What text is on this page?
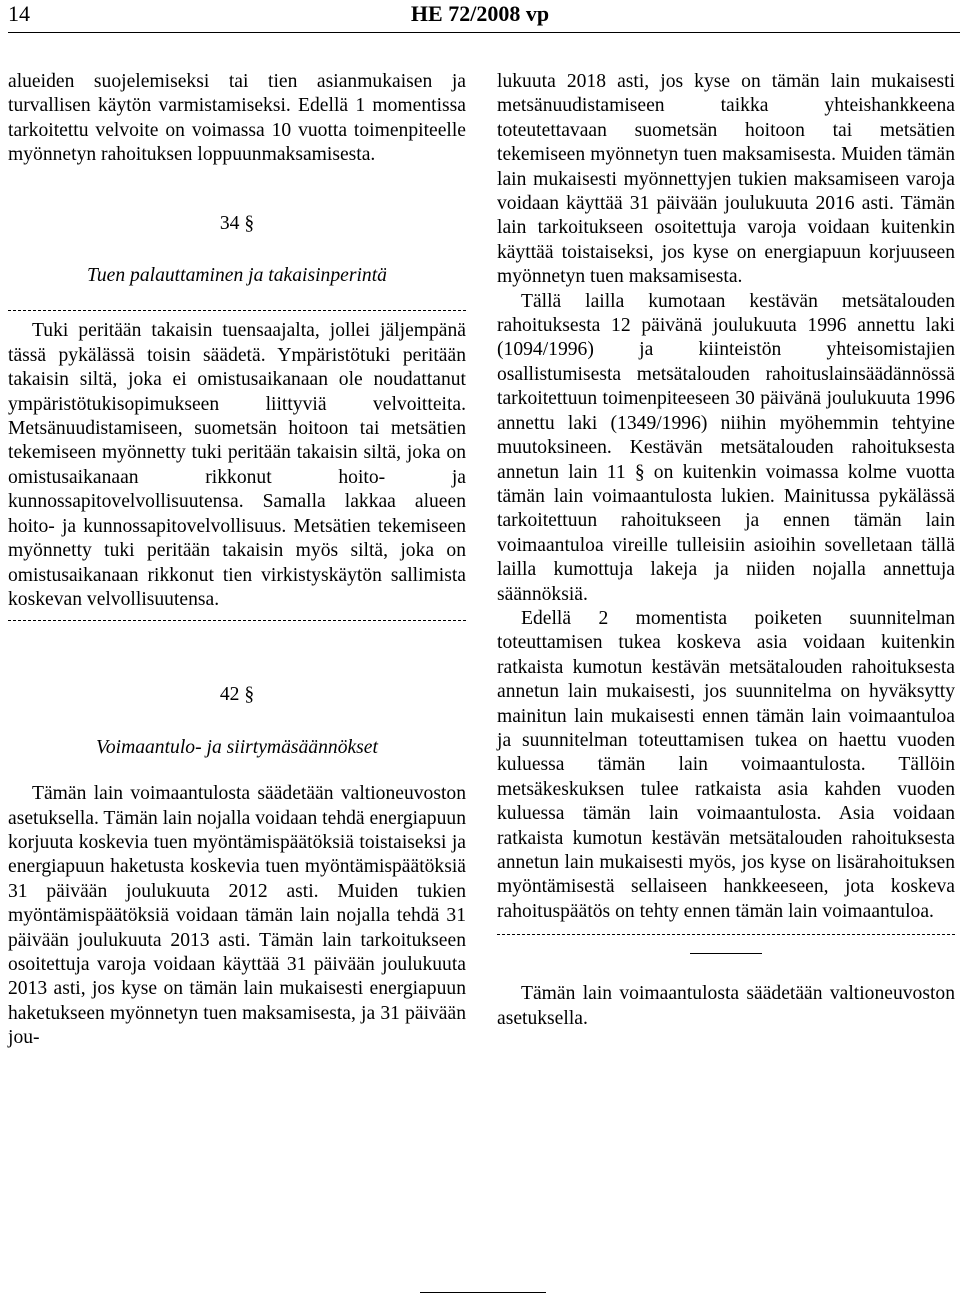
14	HE 72/2008 vp

alueiden suojelemiseksi tai tien asianmukaisen ja turvallisen käytön varmistamiseksi. Edellä 1 momentissa tarkoitettu velvoite on voimassa 10 vuotta toimenpiteelle myönnetyn rahoituksen loppuunmaksamisesta.

34 §
Tuen palauttaminen ja takaisinperintä

Tuki peritään takaisin tuensaajalta, jollei jäljempänä tässä pykälässä toisin säädetä. Ympäristötuki peritään takaisin siltä, joka ei omistusaikanaan ole noudattanut ympäristötukisopimukseen liittyviä velvoitteita. Metsänuudistamiseen, suometsän hoitoon tai metsätien tekemiseen myönnetty tuki peritään takaisin siltä, joka on omistusaikanaan rikkonut hoito- ja kunnossapitovelvollisuutensa. Samalla lakkaa alueen hoito- ja kunnossapitovelvollisuus. Metsätien tekemiseen myönnetty tuki peritään takaisin myös siltä, joka on omistusaikanaan rikkonut tien virkistyskäytön sallimista koskevan velvollisuutensa.

42 §
Voimaantulo- ja siirtymäsäännökset

Tämän lain voimaantulosta säädetään valtioneuvoston asetuksella. Tämän lain nojalla voidaan tehdä energiapuun korjuuta koskevia tuen myöntämispäätöksiä toistaiseksi ja energiapuun haketusta koskevia tuen myöntämispäätöksiä 31 päivään joulukuuta 2012 asti. Muiden tukien myöntämispäätöksiä voidaan tämän lain nojalla tehdä 31 päivään joulukuuta 2013 asti. Tämän lain tarkoitukseen osoitettuja varoja voidaan käyttää 31 päivään joulukuuta 2013 asti, jos kyse on tämän lain mukaisesti energiapuun haketukseen myönnetyn tuen maksamisesta, ja 31 päivään jou-

lukuuta 2018 asti, jos kyse on tämän lain mukaisesti metsänuudistamiseen taikka yhteishankkeena toteutettavaan suometsän hoitoon tai metsätien tekemiseen myönnetyn tuen maksamisesta. Muiden tämän lain mukaisesti myönnettyjen tukien maksamiseen varoja voidaan käyttää 31 päivään joulukuuta 2016 asti. Tämän lain tarkoitukseen osoitettuja varoja voidaan kuitenkin käyttää toistaiseksi, jos kyse on energiapuun korjuuseen myönnetyn tuen maksamisesta.

Tällä lailla kumotaan kestävän metsätalouden rahoituksesta 12 päivänä joulukuuta 1996 annettu laki (1094/1996) ja kiinteistön yhteisomistajien osallistumisesta metsätalouden rahoituslainsäädännössä tarkoitettuun toimenpiteeseen 30 päivänä joulukuuta 1996 annettu laki (1349/1996) niihin myöhemmin tehtyine muutoksineen. Kestävän metsätalouden rahoituksesta annetun lain 11 § on kuitenkin voimassa kolme vuotta tämän lain voimaantulosta lukien. Mainitussa pykälässä tarkoitettuun rahoitukseen ja ennen tämän lain voimaantuloa vireille tulleisiin asioihin sovelletaan tällä lailla kumottuja lakeja ja niiden nojalla annettuja säännöksiä.

Edellä 2 momentista poiketen suunnitelman toteuttamisen tukea koskeva asia voidaan kuitenkin ratkaista kumotun kestävän metsätalouden rahoituksesta annetun lain mukaisesti, jos suunnitelma on hyväksytty mainitun lain mukaisesti ennen tämän lain voimaantuloa ja suunnitelman toteuttamisen tukea on haettu vuoden kuluessa tämän lain voimaantulosta. Tällöin metsäkeskuksen tulee ratkaista asia kahden vuoden kuluessa tämän lain voimaantulosta. Asia voidaan ratkaista kumotun kestävän metsätalouden rahoituksesta annetun lain mukaisesti myös, jos kyse on lisärahoituksen myöntämisestä sellaiseen hankkeeseen, jota koskeva rahoituspäätös on tehty ennen tämän lain voimaantuloa.

Tämän lain voimaantulosta säädetään valtioneuvoston asetuksella.
